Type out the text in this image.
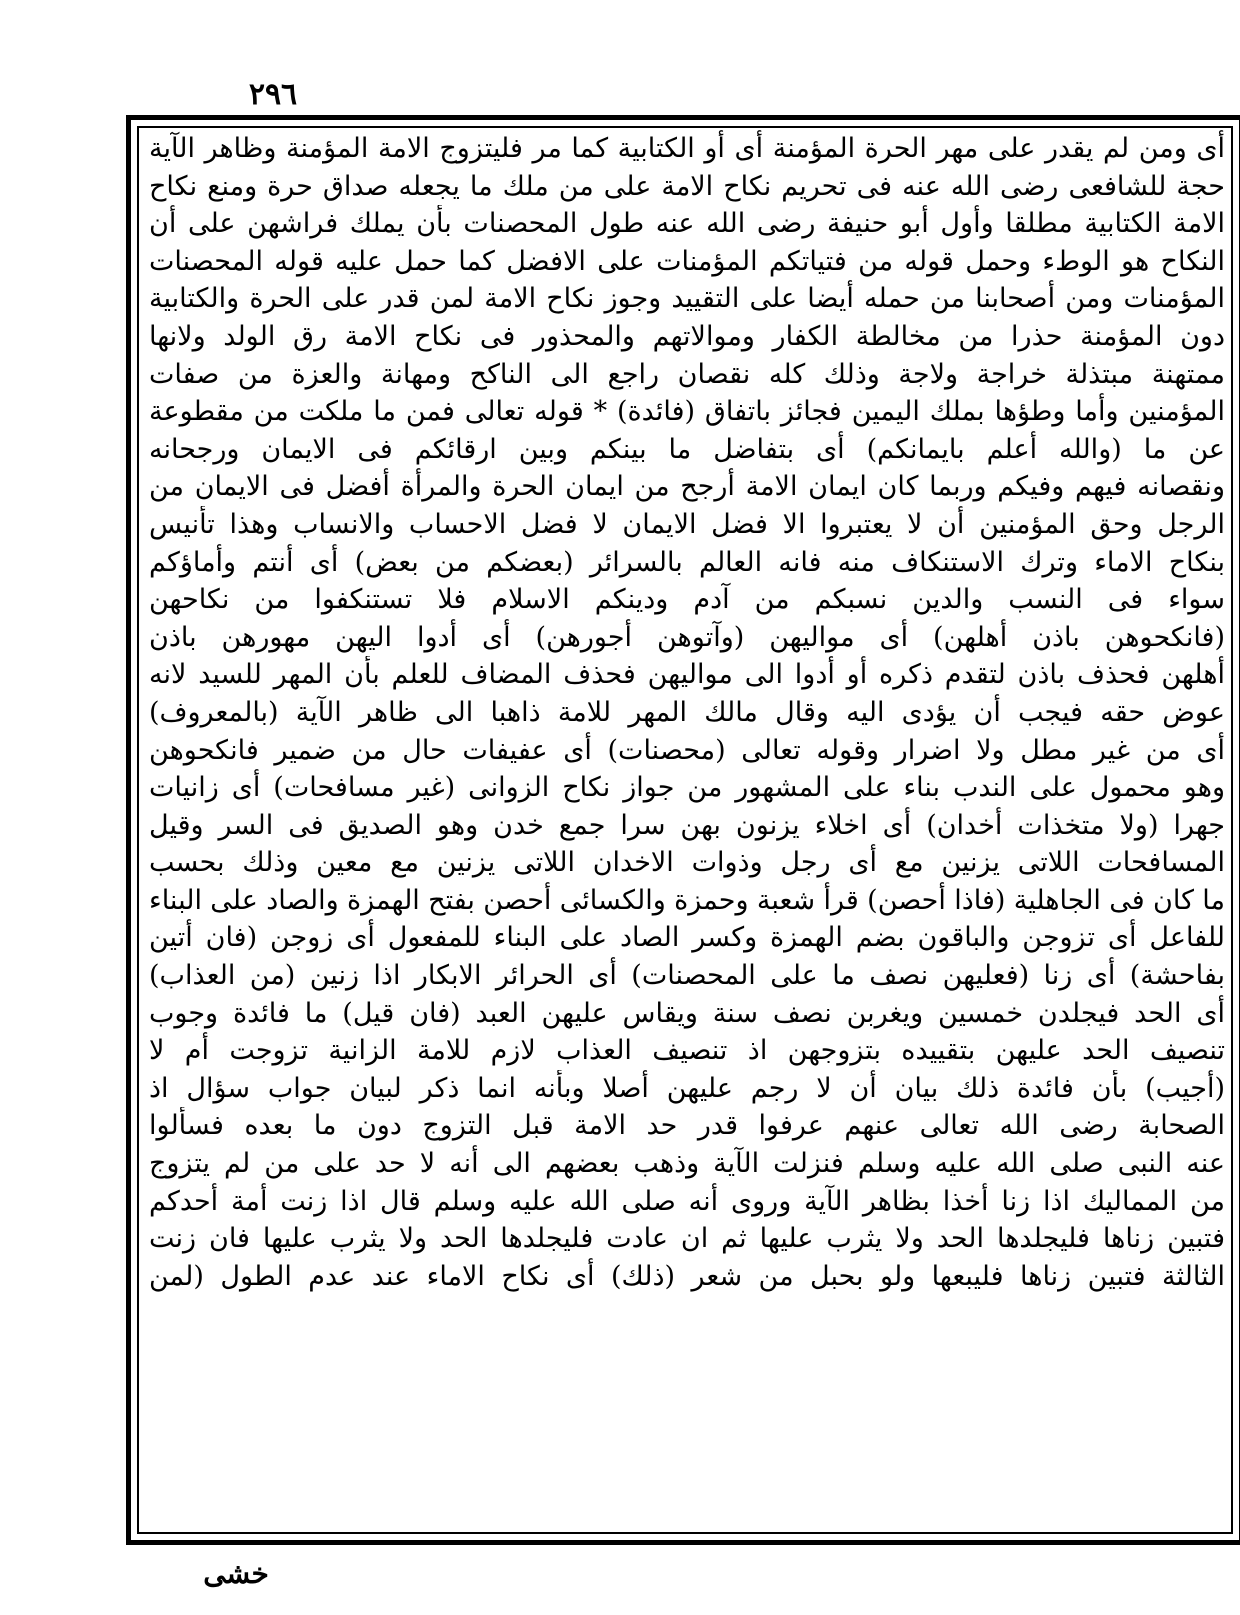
٢٩٦
أى ومن لم يقدر على مهر الحرة المؤمنة أى أو الكتابية كما مر فليتزوج الامة المؤمنة وظاهر الآية
حجة للشافعى رضى الله عنه فى تحريم نكاح الامة على من ملك ما يجعله صداق حرة ومنع نكاح
الامة الكتابية مطلقا وأول أبو حنيفة رضى الله عنه طول المحصنات بأن يملك فراشهن على أن
النكاح هو الوطء وحمل قوله من فتياتكم المؤمنات على الافضل كما حمل عليه قوله المحصنات
المؤمنات ومن أصحابنا من حمله أيضا على التقييد وجوز نكاح الامة لمن قدر على الحرة والكتابية
دون المؤمنة حذرا من مخالطة الكفار وموالاتهم والمحذور فى نكاح الامة رق الولد ولانها
ممتهنة مبتذلة خراجة ولاجة وذلك كله نقصان راجع الى الناكح ومهانة والعزة من صفات
المؤمنين وأما وطؤها بملك اليمين فجائز باتفاق (فائدة) * قوله تعالى فمن ما ملكت من مقطوعة
عن ما (والله أعلم بايمانكم) أى بتفاضل ما بينكم وبين ارقائكم فى الايمان ورجحانه
ونقصانه فيهم وفيكم وربما كان ايمان الامة أرجح من ايمان الحرة والمرأة أفضل فى الايمان من
الرجل وحق المؤمنين أن لا يعتبروا الا فضل الايمان لا فضل الاحساب والانساب وهذا تأنيس
بنكاح الاماء وترك الاستنكاف منه فانه العالم بالسرائر (بعضكم من بعض) أى أنتم وأماؤكم
سواء فى النسب والدين نسبكم من آدم ودينكم الاسلام فلا تستنكفوا من نكاحهن
(فانكحوهن باذن أهلهن) أى مواليهن (وآتوهن أجورهن) أى أدوا اليهن مهورهن باذن
أهلهن فحذف باذن لتقدم ذكره أو أدوا الى مواليهن فحذف المضاف للعلم بأن المهر للسيد لانه
عوض حقه فيجب أن يؤدى اليه وقال مالك المهر للامة ذاهبا الى ظاهر الآية (بالمعروف)
أى من غير مطل ولا اضرار وقوله تعالى (محصنات) أى عفيفات حال من ضمير فانكحوهن
وهو محمول على الندب بناء على المشهور من جواز نكاح الزوانى (غير مسافحات) أى زانيات
جهرا (ولا متخذات أخدان) أى اخلاء يزنون بهن سرا جمع خدن وهو الصديق فى السر وقيل
المسافحات اللاتى يزنين مع أى رجل وذوات الاخدان اللاتى يزنين مع معين وذلك بحسب
ما كان فى الجاهلية (فاذا أحصن) قرأ شعبة وحمزة والكسائى أحصن بفتح الهمزة والصاد على البناء
للفاعل أى تزوجن والباقون بضم الهمزة وكسر الصاد على البناء للمفعول أى زوجن (فان أتين
بفاحشة) أى زنا (فعليهن نصف ما على المحصنات) أى الحرائر الابكار اذا زنين (من العذاب)
أى الحد فيجلدن خمسين ويغربن نصف سنة ويقاس عليهن العبد (فان قيل) ما فائدة وجوب
تنصيف الحد عليهن بتقييده بتزوجهن اذ تنصيف العذاب لازم للامة الزانية تزوجت أم لا
(أجيب) بأن فائدة ذلك بيان أن لا رجم عليهن أصلا وبأنه انما ذكر لبيان جواب سؤال اذ
الصحابة رضى الله تعالى عنهم عرفوا قدر حد الامة قبل التزوج دون ما بعده فسألوا
عنه النبى صلى الله عليه وسلم فنزلت الآية وذهب بعضهم الى أنه لا حد على من لم يتزوج
من المماليك اذا زنا أخذا بظاهر الآية وروى أنه صلى الله عليه وسلم قال اذا زنت أمة أحدكم
فتبين زناها فليجلدها الحد ولا يثرب عليها ثم ان عادت فليجلدها الحد ولا يثرب عليها فان زنت
الثالثة فتبين زناها فليبعها ولو بحبل من شعر (ذلك) أى نكاح الاماء عند عدم الطول (لمن
خشى
